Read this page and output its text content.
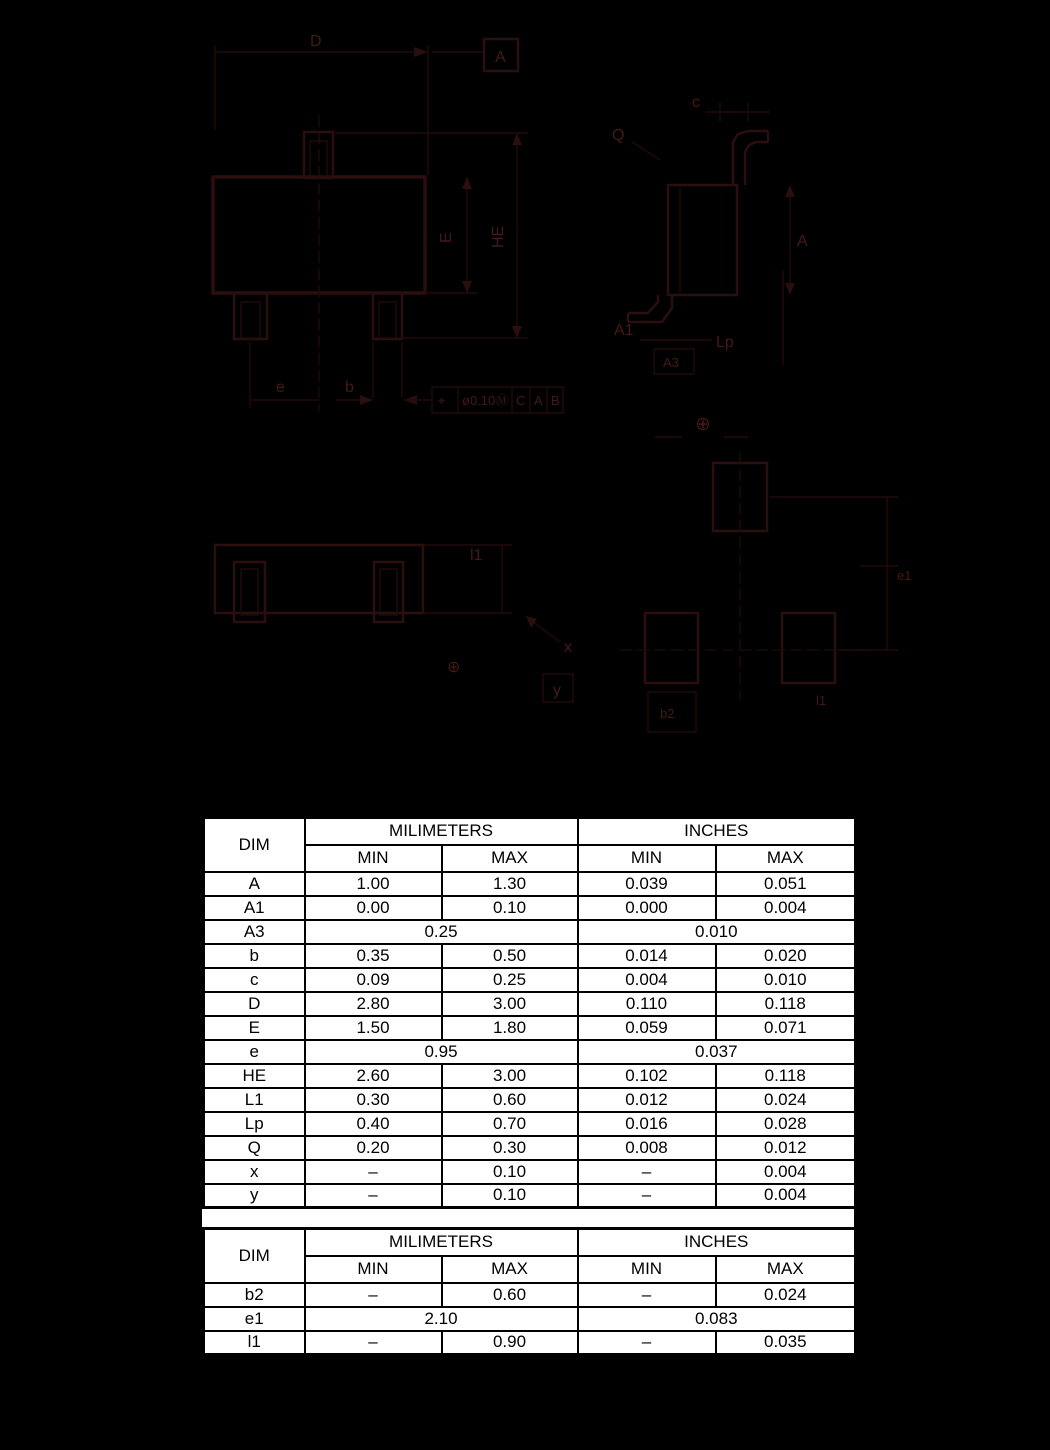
D
A
E HE
e	b
⌖ ø0.10Ⓜ C A B
c
A
Q
A1
A3
Lp
x
⊕
y
l1
⊕
e1
b2
l1
DIM	MILIMETERS		INCHES	
	MIN	MAX	MIN	MAX
A	1.00	1.30	0.039	0.051
A1	0.00	0.10	0.000	0.004
A3	0.25		0.010	
b	0.35	0.50	0.014	0.020
c	0.09	0.25	0.004	0.010
D	2.80	3.00	0.110	0.118
E	1.50	1.80	0.059	0.071
e	0.95		0.037	
HE	2.60	3.00	0.102	0.118
L1	0.30	0.60	0.012	0.024
Lp	0.40	0.70	0.016	0.028
Q	0.20	0.30	0.008	0.012
x	–	0.10	–	0.004
y	–	0.10	–	0.004
DIM	MILIMETERS		INCHES	
	MIN	MAX	MIN	MAX
b2	–	0.60	–	0.024
e1	2.10		0.083	
l1	–	0.90	–	0.035
